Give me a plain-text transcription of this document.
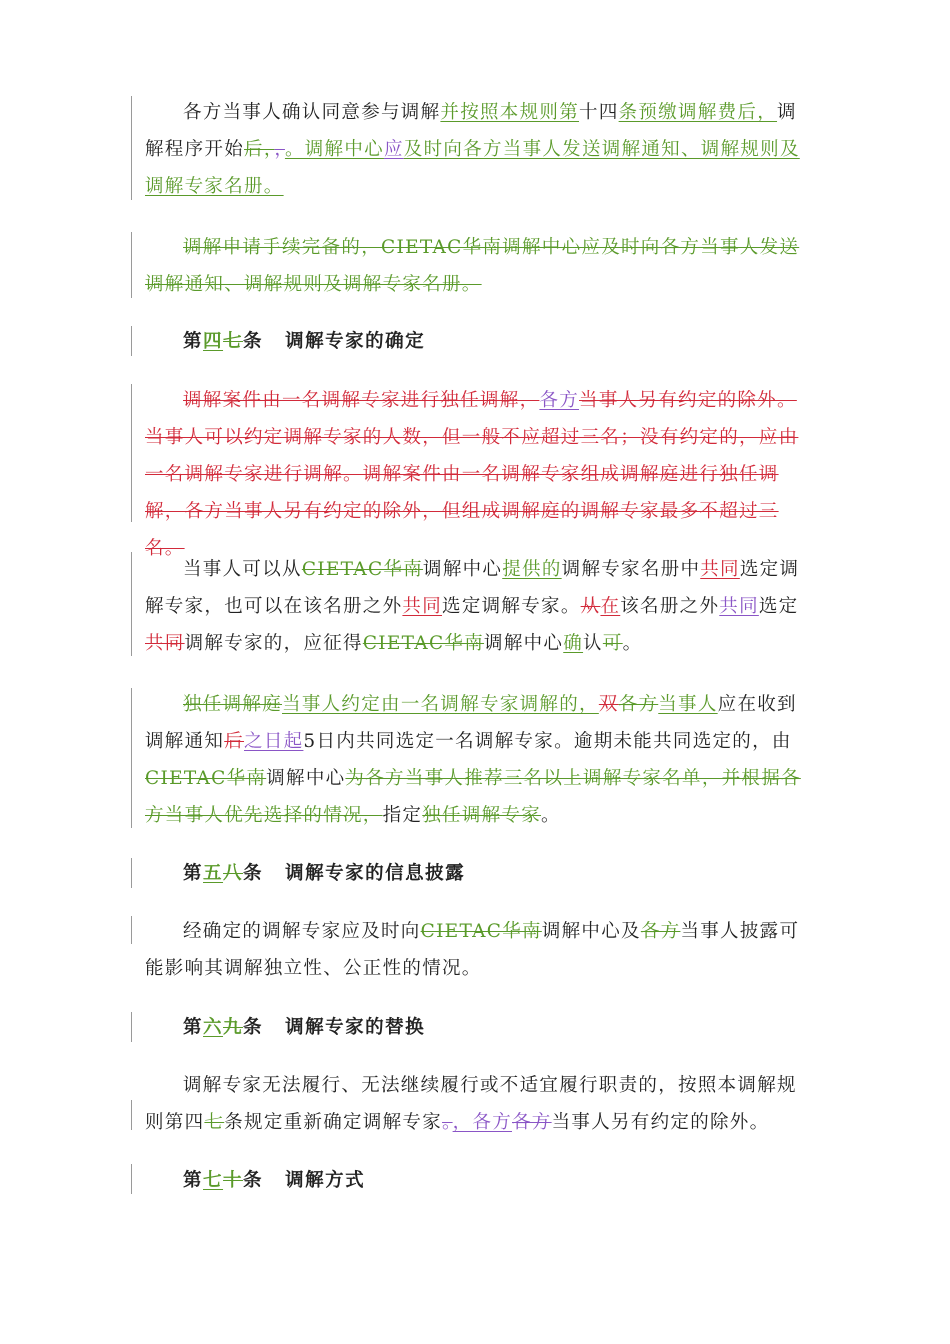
各方当事人确认同意参与调解并按照本规则第十四条预缴调解费后，调解程序开始后，，。调解中心应及时向各方当事人发送调解通知、调解规则及调解专家名册。
调解申请手续完备的，CIETAC华南调解中心应及时向各方当事人发送调解通知、调解规则及调解专家名册。
第四七条 调解专家的确定
调解案件由一名调解专家进行独任调解，各方当事人另有约定的除外。当事人可以约定调解专家的人数，但一般不应超过三名；没有约定的，应由一名调解专家进行调解。调解案件由一名调解专家组成调解庭进行独任调解，各方当事人另有约定的除外，但组成调解庭的调解专家最多不超过三名。
当事人可以从CIETAC华南调解中心提供的调解专家名册中共同选定调解专家，也可以在该名册之外共同选定调解专家。从在该名册之外共同选定共同调解专家的，应征得CIETAC华南调解中心确认可。
独任调解庭当事人约定由一名调解专家调解的，双各方当事人应在收到调解通知后之日起5日内共同选定一名调解专家。逾期未能共同选定的，由CIETAC华南调解中心为各方当事人推荐三名以上调解专家名单，并根据各方当事人优先选择的情况，指定独任调解专家。
第五八条 调解专家的信息披露
经确定的调解专家应及时向CIETAC华南调解中心及各方当事人披露可能影响其调解独立性、公正性的情况。
第六九条 调解专家的替换
调解专家无法履行、无法继续履行或不适宜履行职责的，按照本调解规则第四七条规定重新确定调解专家。，各方各方当事人另有约定的除外。
第七十条 调解方式
